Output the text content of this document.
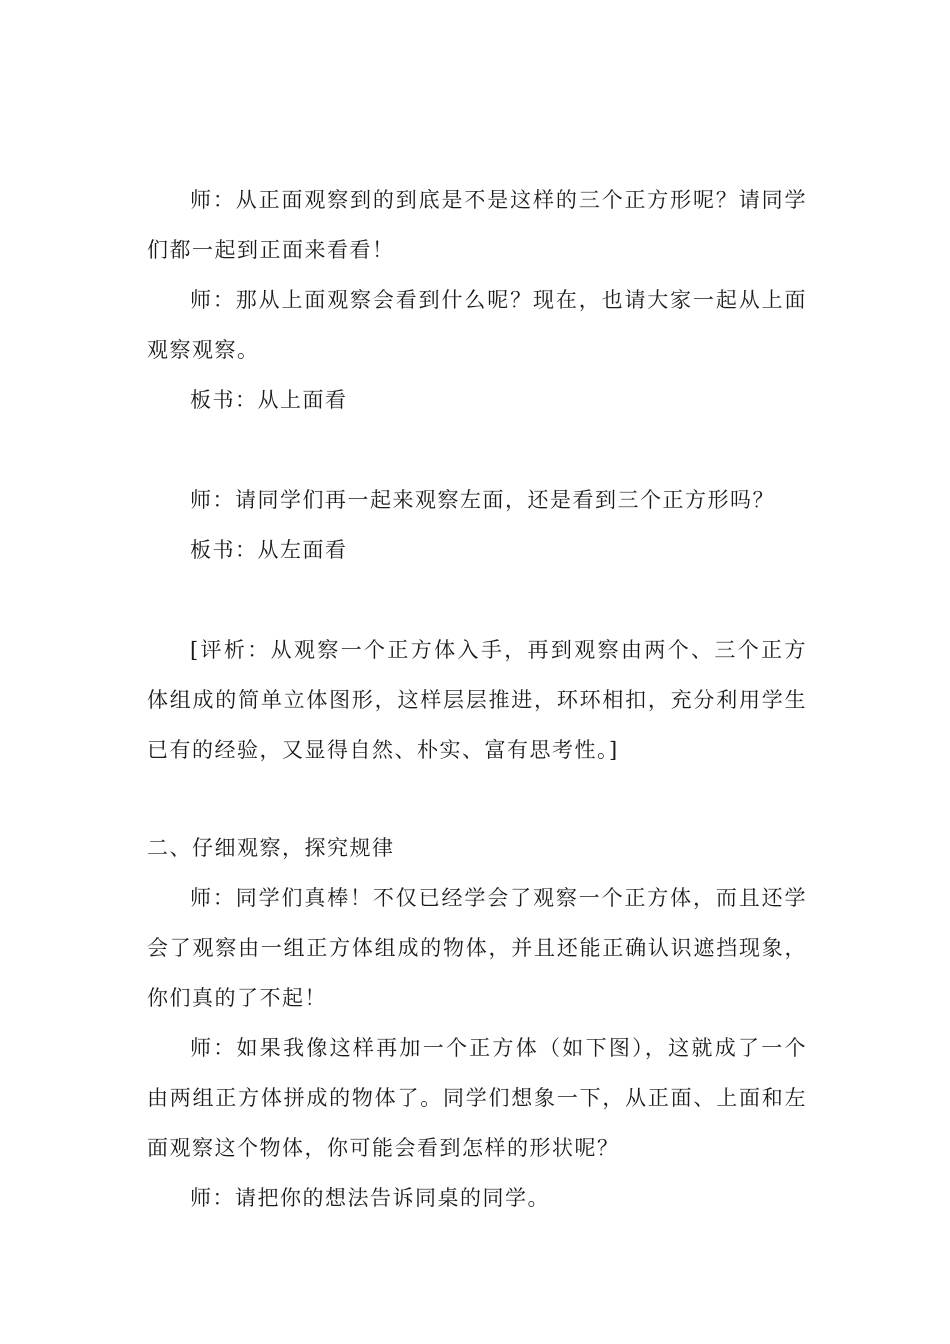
师：从正面观察到的到底是不是这样的三个正方形呢？请同学们都一起到正面来看看！

师：那从上面观察会看到什么呢？现在，也请大家一起从上面观察观察。

板书：从上面看

师：请同学们再一起来观察左面，还是看到三个正方形吗？

板书：从左面看

[评析：从观察一个正方体入手，再到观察由两个、三个正方体组成的简单立体图形，这样层层推进，环环相扣，充分利用学生已有的经验，又显得自然、朴实、富有思考性。]

二、仔细观察，探究规律

师：同学们真棒！不仅已经学会了观察一个正方体，而且还学会了观察由一组正方体组成的物体，并且还能正确认识遮挡现象，你们真的了不起！

师：如果我像这样再加一个正方体（如下图），这就成了一个由两组正方体拼成的物体了。同学们想象一下，从正面、上面和左面观察这个物体，你可能会看到怎样的形状呢？

师：请把你的想法告诉同桌的同学。
